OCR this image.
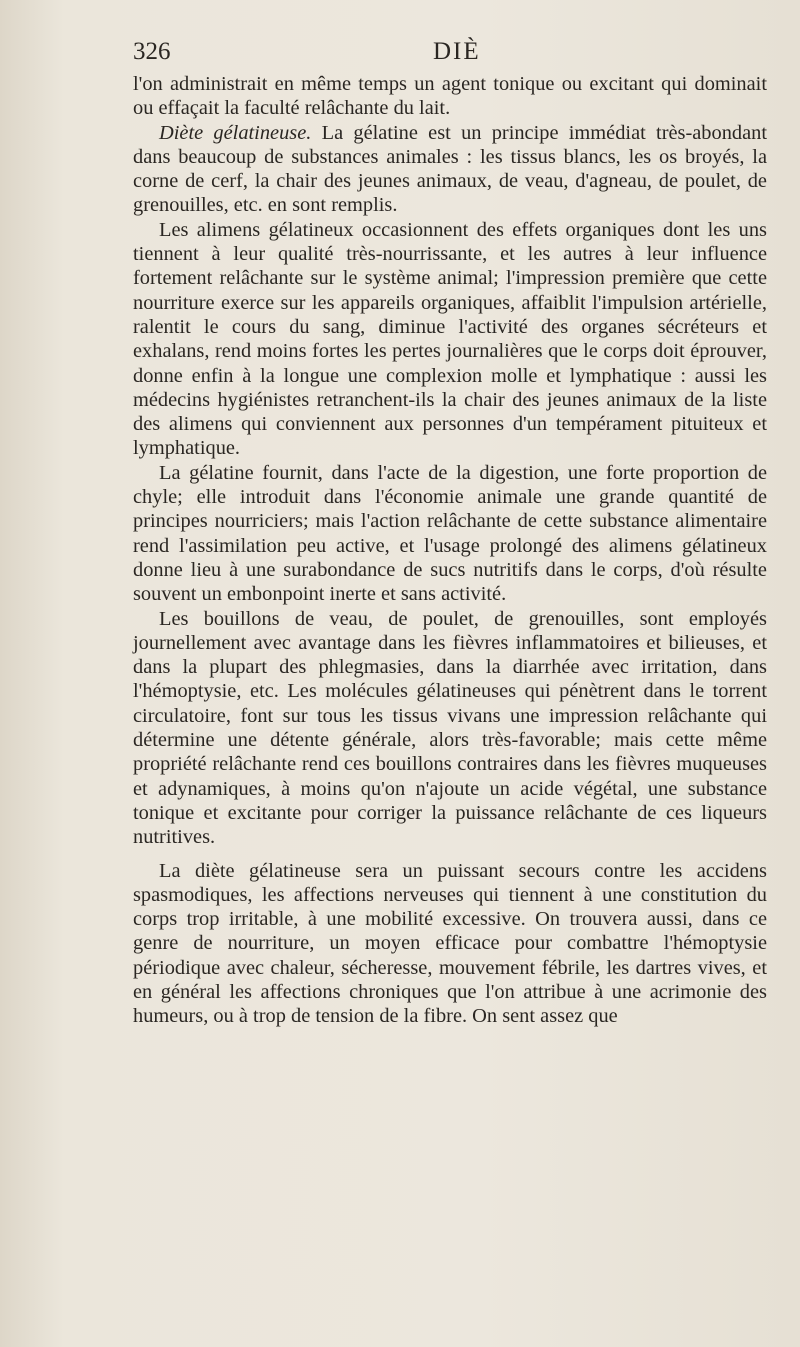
326	DIÈ

l'on administrait en même temps un agent tonique ou excitant qui dominait ou effaçait la faculté relâchante du lait.

Diète gélatineuse. La gélatine est un principe immédiat très-abondant dans beaucoup de substances animales : les tissus blancs, les os broyés, la corne de cerf, la chair des jeunes animaux, de veau, d'agneau, de poulet, de grenouilles, etc. en sont remplis.

Les alimens gélatineux occasionnent des effets organiques dont les uns tiennent à leur qualité très-nourrissante, et les autres à leur influence fortement relâchante sur le système animal; l'impression première que cette nourriture exerce sur les appareils organiques, affaiblit l'impulsion artérielle, ralentit le cours du sang, diminue l'activité des organes sécréteurs et exhalans, rend moins fortes les pertes journalières que le corps doit éprouver, donne enfin à la longue une complexion molle et lymphatique : aussi les médecins hygiénistes retranchent-ils la chair des jeunes animaux de la liste des alimens qui conviennent aux personnes d'un tempérament pituiteux et lymphatique.

La gélatine fournit, dans l'acte de la digestion, une forte proportion de chyle; elle introduit dans l'économie animale une grande quantité de principes nourriciers; mais l'action relâchante de cette substance alimentaire rend l'assimilation peu active, et l'usage prolongé des alimens gélatineux donne lieu à une surabondance de sucs nutritifs dans le corps, d'où résulte souvent un embonpoint inerte et sans activité.

Les bouillons de veau, de poulet, de grenouilles, sont employés journellement avec avantage dans les fièvres inflammatoires et bilieuses, et dans la plupart des phlegmasies, dans la diarrhée avec irritation, dans l'hémoptysie, etc. Les molécules gélatineuses qui pénètrent dans le torrent circulatoire, font sur tous les tissus vivans une impression relâchante qui détermine une détente générale, alors très-favorable; mais cette même propriété relâchante rend ces bouillons contraires dans les fièvres muqueuses et adynamiques, à moins qu'on n'ajoute un acide végétal, une substance tonique et excitante pour corriger la puissance relâchante de ces liqueurs nutritives.

La diète gélatineuse sera un puissant secours contre les accidens spasmodiques, les affections nerveuses qui tiennent à une constitution du corps trop irritable, à une mobilité excessive. On trouvera aussi, dans ce genre de nourriture, un moyen efficace pour combattre l'hémoptysie périodique avec chaleur, sécheresse, mouvement fébrile, les dartres vives, et en général les affections chroniques que l'on attribue à une acrimonie des humeurs, ou à trop de tension de la fibre. On sent assez que
